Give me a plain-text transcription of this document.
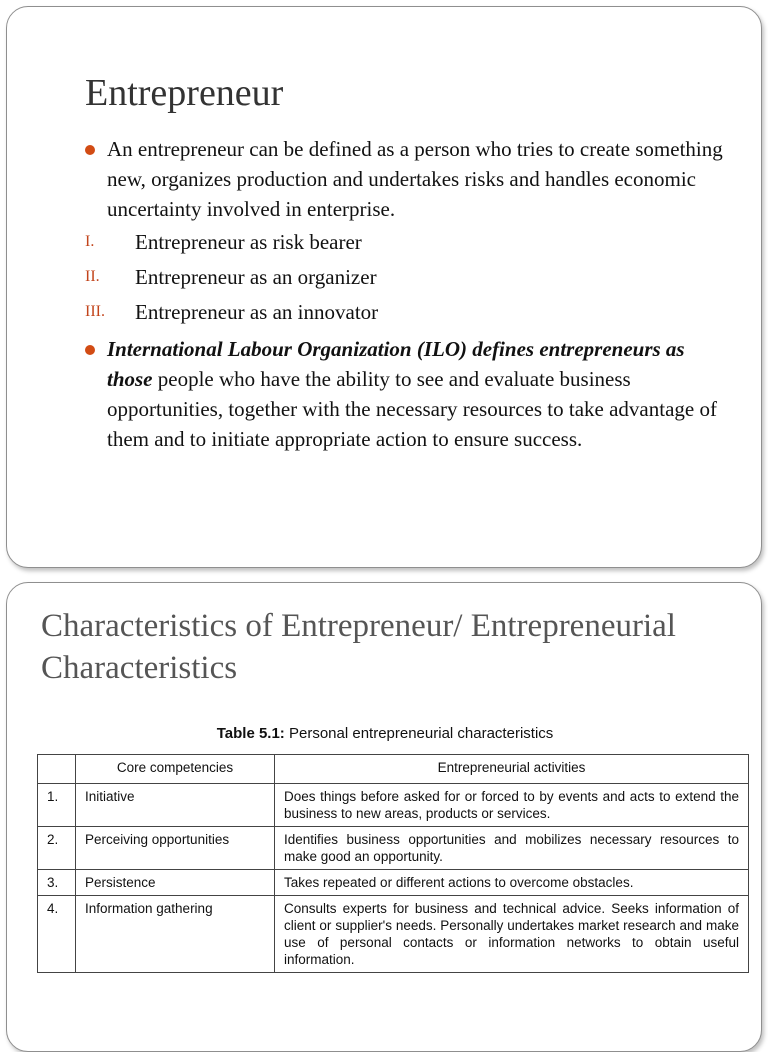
Entrepreneur
An entrepreneur can be defined as a person who tries to create something new, organizes production and undertakes risks and handles economic uncertainty involved in enterprise.
I.	Entrepreneur as risk bearer
II.	Entrepreneur as an organizer
III.	Entrepreneur as an innovator
International Labour Organization (ILO) defines entrepreneurs as those people who have the ability to see and evaluate business opportunities, together with the necessary resources to take advantage of them and to initiate appropriate action to ensure success.
Characteristics of Entrepreneur/ Entrepreneurial Characteristics
Table 5.1: Personal entrepreneurial characteristics
	Core competencies	Entrepreneurial activities
1.	Initiative	Does things before asked for or forced to by events and acts to extend the business to new areas, products or services.
2.	Perceiving opportunities	Identifies business opportunities and mobilizes necessary resources to make good an opportunity.
3.	Persistence	Takes repeated or different actions to overcome obstacles.
4.	Information gathering	Consults experts for business and technical advice. Seeks information of client or supplier's needs. Personally undertakes market research and make use of personal contacts or information networks to obtain useful information.
